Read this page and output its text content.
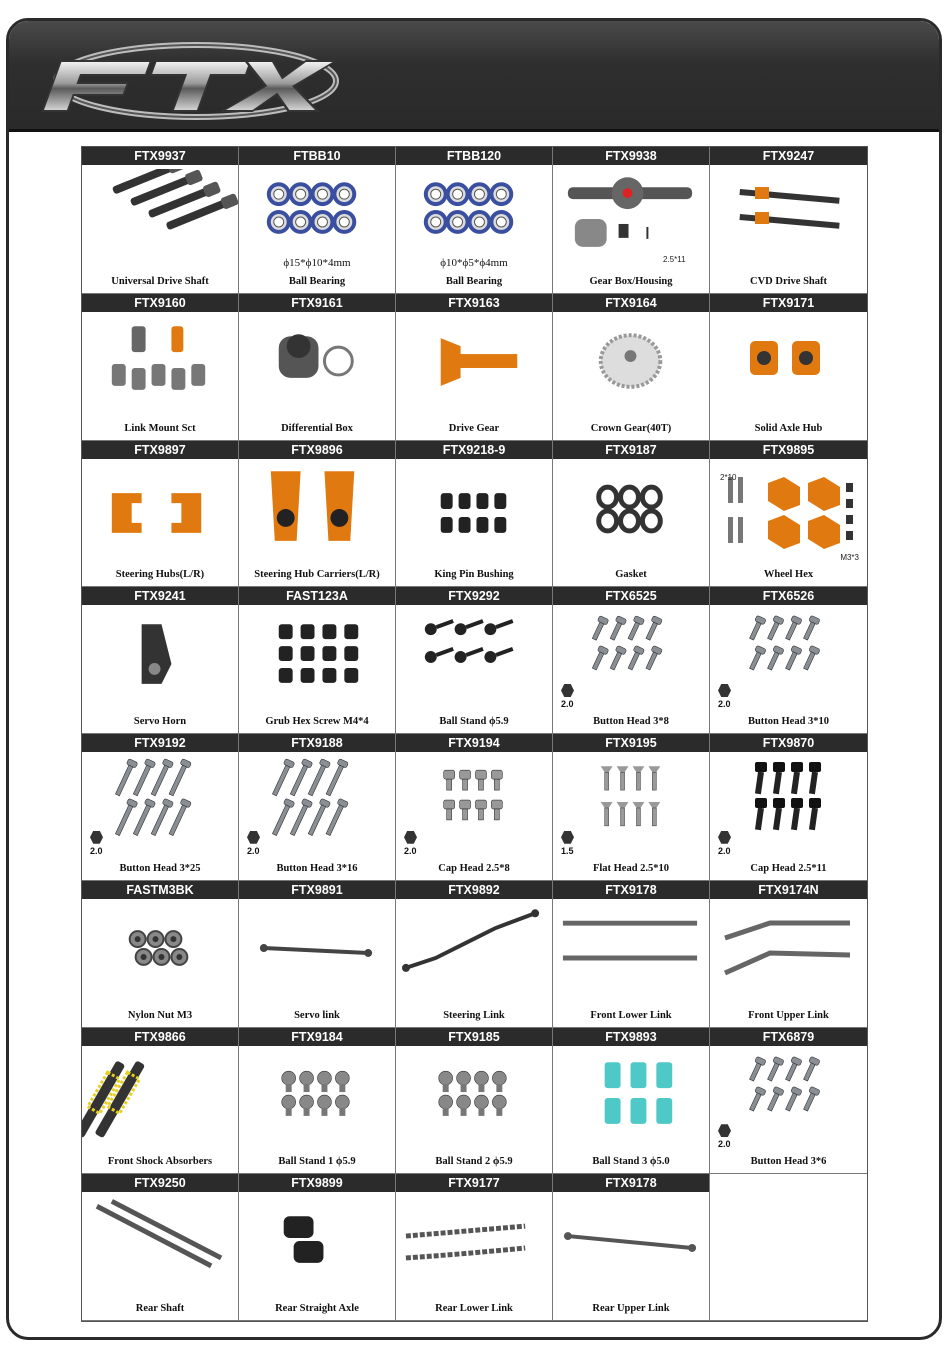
FTX9937
Universal Drive Shaft
FTBB10
ϕ15*ϕ10*4mm
Ball Bearing
FTBB120
ϕ10*ϕ5*ϕ4mm
Ball Bearing
FTX9938
2.5*11
Gear Box/Housing
FTX9247
CVD Drive Shaft
FTX9160
Link Mount Sct
FTX9161
Differential Box
FTX9163
Drive Gear
FTX9164
Crown Gear(40T)
FTX9171
Solid Axle Hub
FTX9897
Steering Hubs(L/R)
FTX9896
Steering Hub Carriers(L/R)
FTX9218-9
King Pin Bushing
FTX9187
Gasket
FTX9895
2*10
M3*3
Wheel Hex
FTX9241
Servo Horn
FAST123A
Grub Hex Screw M4*4
FTX9292
Ball Stand ϕ5.9
FTX6525
2.0
Button Head 3*8
FTX6526
2.0
Button Head 3*10
FTX9192
2.0
Button Head 3*25
FTX9188
2.0
Button Head 3*16
FTX9194
2.0
Cap Head 2.5*8
FTX9195
1.5
Flat Head 2.5*10
FTX9870
2.0
Cap Head 2.5*11
FASTM3BK
Nylon Nut M3
FTX9891
Servo link
FTX9892
Steering Link
FTX9178
Front Lower Link
FTX9174N
Front Upper Link
FTX9866
Front Shock Absorbers
FTX9184
Ball Stand 1 ϕ5.9
FTX9185
Ball Stand 2 ϕ5.9
FTX9893
Ball Stand 3 ϕ5.0
FTX6879
2.0
Button Head 3*6
FTX9250
Rear Shaft
FTX9899
Rear Straight Axle
FTX9177
Rear Lower Link
FTX9178
Rear Upper Link
